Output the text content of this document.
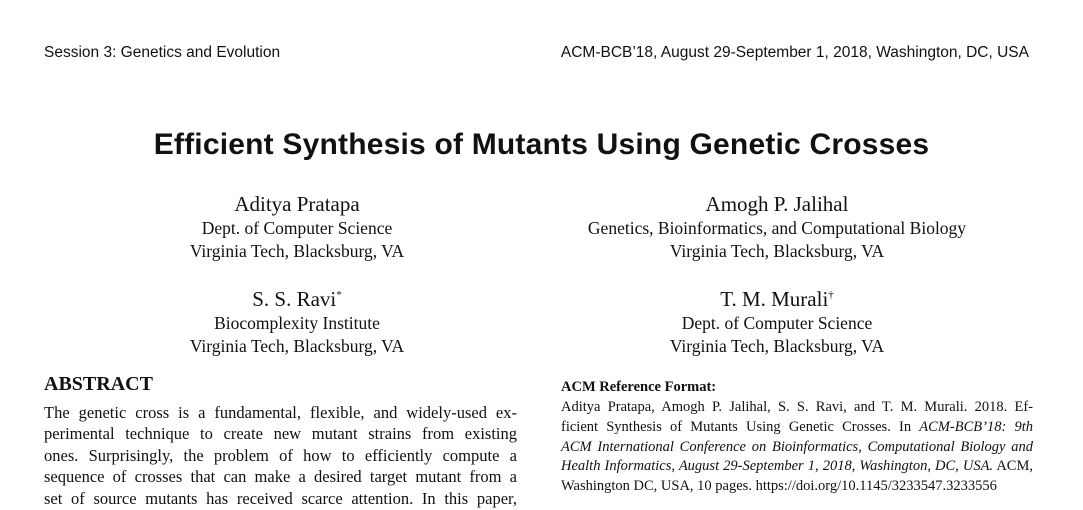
Session 3: Genetics and Evolution	ACM-BCB’18, August 29-September 1, 2018, Washington, DC, USA
Efficient Synthesis of Mutants Using Genetic Crosses
Aditya Pratapa
Dept. of Computer Science
Virginia Tech, Blacksburg, VA
Amogh P. Jalihal
Genetics, Bioinformatics, and Computational Biology
Virginia Tech, Blacksburg, VA
S. S. Ravi*
Biocomplexity Institute
Virginia Tech, Blacksburg, VA
T. M. Murali†
Dept. of Computer Science
Virginia Tech, Blacksburg, VA
ABSTRACT
The genetic cross is a fundamental, flexible, and widely-used ex-
perimental technique to create new mutant strains from existing
ones. Surprisingly, the problem of how to efficiently compute a
sequence of crosses that can make a desired target mutant from a
set of source mutants has received scarce attention. In this paper,
ACM Reference Format:
Aditya Pratapa, Amogh P. Jalihal, S. S. Ravi, and T. M. Murali. 2018. Ef-
ficient Synthesis of Mutants Using Genetic Crosses. In ACM-BCB’18: 9th
ACM International Conference on Bioinformatics, Computational Biology and
Health Informatics, August 29-September 1, 2018, Washington, DC, USA. ACM,
Washington DC, USA, 10 pages. https://doi.org/10.1145/3233547.3233556
